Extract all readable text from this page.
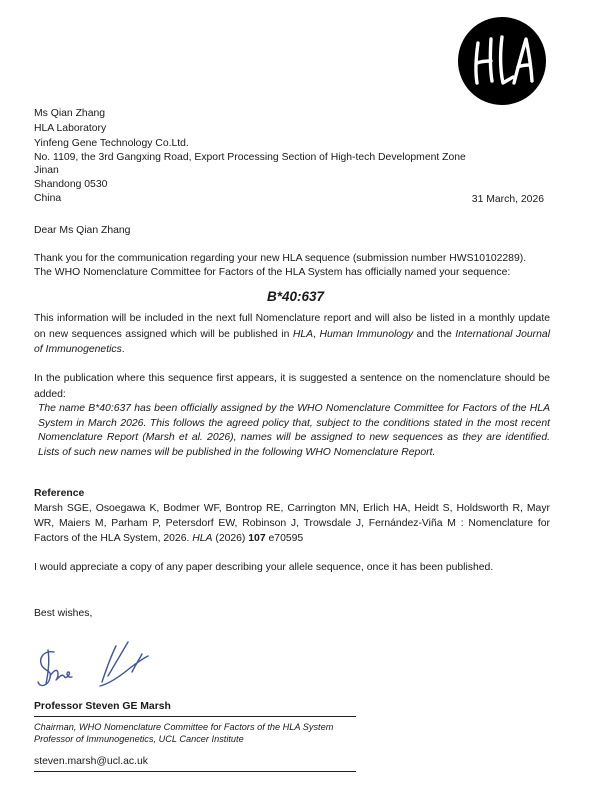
Ms Qian Zhang
HLA Laboratory
Yinfeng Gene Technology Co.Ltd.
No. 1109, the 3rd Gangxing Road, Export Processing Section of High-tech Development Zone
Jinan
Shandong 0530
China	31 March, 2026
Dear Ms Qian Zhang
Thank you for the communication regarding your new HLA sequence (submission number HWS10102289).
The WHO Nomenclature Committee for Factors of the HLA System has officially named your sequence:
B*40:637
This information will be included in the next full Nomenclature report and will also be listed in a monthly update on new sequences assigned which will be published in HLA, Human Immunology and the International Journal of Immunogenetics.
In the publication where this sequence first appears, it is suggested a sentence on the nomenclature should be added:
The name B*40:637 has been officially assigned by the WHO Nomenclature Committee for Factors of the HLA System in March 2026. This follows the agreed policy that, subject to the conditions stated in the most recent Nomenclature Report (Marsh et al. 2026), names will be assigned to new sequences as they are identified. Lists of such new names will be published in the following WHO Nomenclature Report.
Reference
Marsh SGE, Osoegawa K, Bodmer WF, Bontrop RE, Carrington MN, Erlich HA, Heidt S, Holdsworth R, Mayr WR, Maiers M, Parham P, Petersdorf EW, Robinson J, Trowsdale J, Fernández-Viña M : Nomenclature for Factors of the HLA System, 2026. HLA (2026) 107 e70595
I would appreciate a copy of any paper describing your allele sequence, once it has been published.
Best wishes,
Professor Steven GE Marsh
Chairman, WHO Nomenclature Committee for Factors of the HLA System
Professor of Immunogenetics, UCL Cancer Institute
steven.marsh@ucl.ac.uk
